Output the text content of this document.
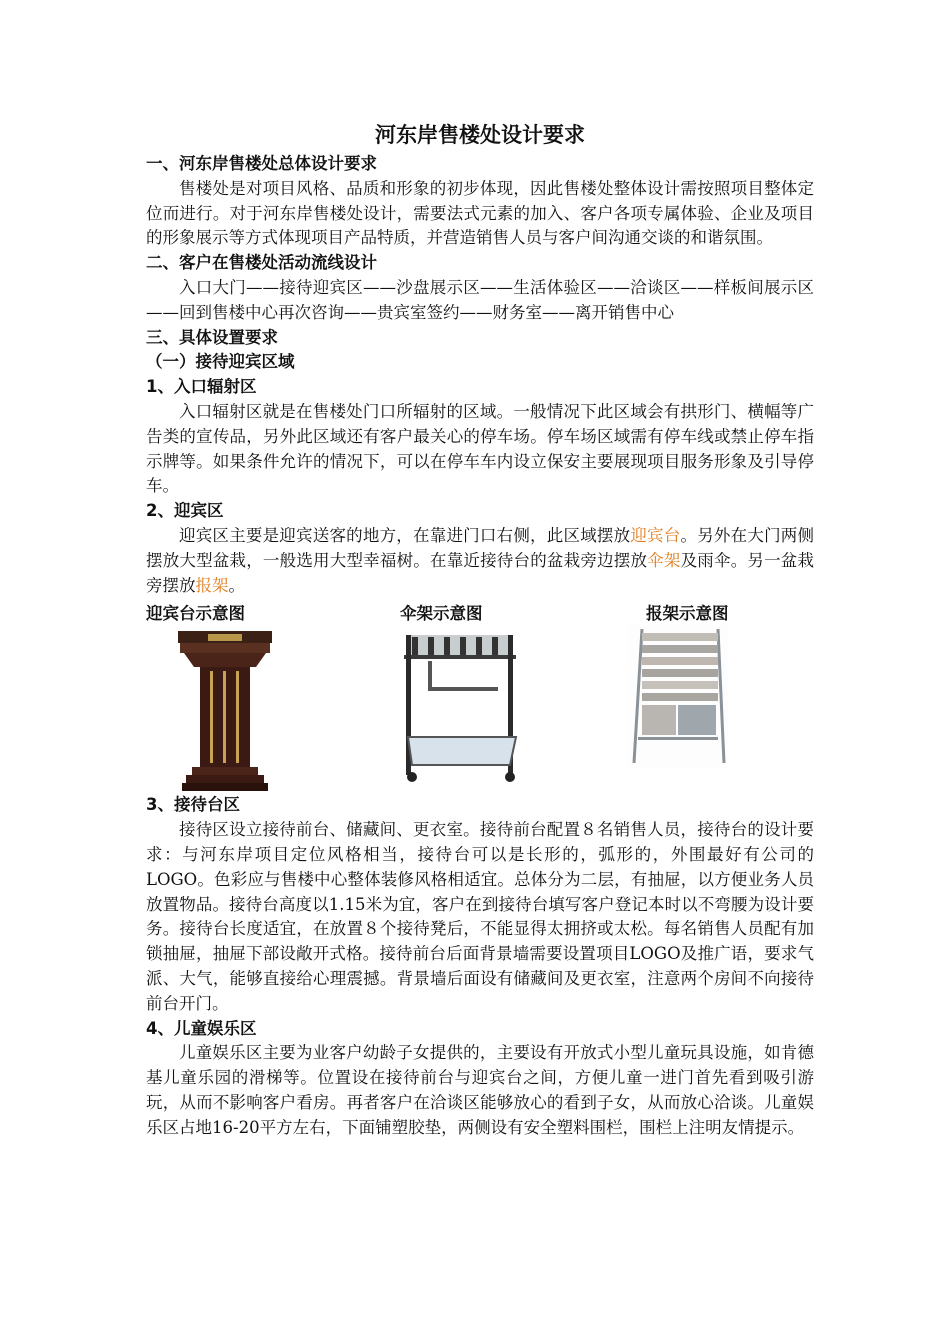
河东岸售楼处设计要求

一、河东岸售楼处总体设计要求

售楼处是对项目风格、品质和形象的初步体现，因此售楼处整体设计需按照项目整体定位而进行。对于河东岸售楼处设计，需要法式元素的加入、客户各项专属体验、企业及项目的形象展示等方式体现项目产品特质，并营造销售人员与客户间沟通交谈的和谐氛围。

二、客户在售楼处活动流线设计

入口大门——接待迎宾区——沙盘展示区——生活体验区——洽谈区——样板间展示区——回到售楼中心再次咨询——贵宾室签约——财务室——离开销售中心

三、具体设置要求

（一）接待迎宾区域

1、入口辐射区

入口辐射区就是在售楼处门口所辐射的区域。一般情况下此区域会有拱形门、横幅等广告类的宣传品，另外此区域还有客户最关心的停车场。停车场区域需有停车线或禁止停车指示牌等。如果条件允许的情况下，可以在停车车内设立保安主要展现项目服务形象及引导停车。

2、迎宾区

迎宾区主要是迎宾送客的地方，在靠进门口右侧，此区域摆放迎宾台。另外在大门两侧摆放大型盆栽，一般选用大型幸福树。在靠近接待台的盆栽旁边摆放伞架及雨伞。另一盆栽旁摆放报架。

迎宾台示意图	伞架示意图	报架示意图

3、接待台区

接待区设立接待前台、储藏间、更衣室。接待前台配置８名销售人员，接待台的设计要求：与河东岸项目定位风格相当，接待台可以是长形的，弧形的，外围最好有公司的LOGO。色彩应与售楼中心整体装修风格相适宜。总体分为二层，有抽屉，以方便业务人员放置物品。接待台高度以1.15米为宜，客户在到接待台填写客户登记本时以不弯腰为设计要务。接待台长度适宜，在放置８个接待凳后，不能显得太拥挤或太松。每名销售人员配有加锁抽屉，抽屉下部设敞开式格。接待前台后面背景墙需要设置项目LOGO及推广语，要求气派、大气，能够直接给心理震撼。背景墙后面设有储藏间及更衣室，注意两个房间不向接待前台开门。

4、儿童娱乐区

儿童娱乐区主要为业客户幼龄子女提供的，主要设有开放式小型儿童玩具设施，如肯德基儿童乐园的滑梯等。位置设在接待前台与迎宾台之间，方便儿童一进门首先看到吸引游玩，从而不影响客户看房。再者客户在洽谈区能够放心的看到子女，从而放心洽谈。儿童娱乐区占地16-20平方左右，下面铺塑胶垫，两侧设有安全塑料围栏，围栏上注明友情提示。
